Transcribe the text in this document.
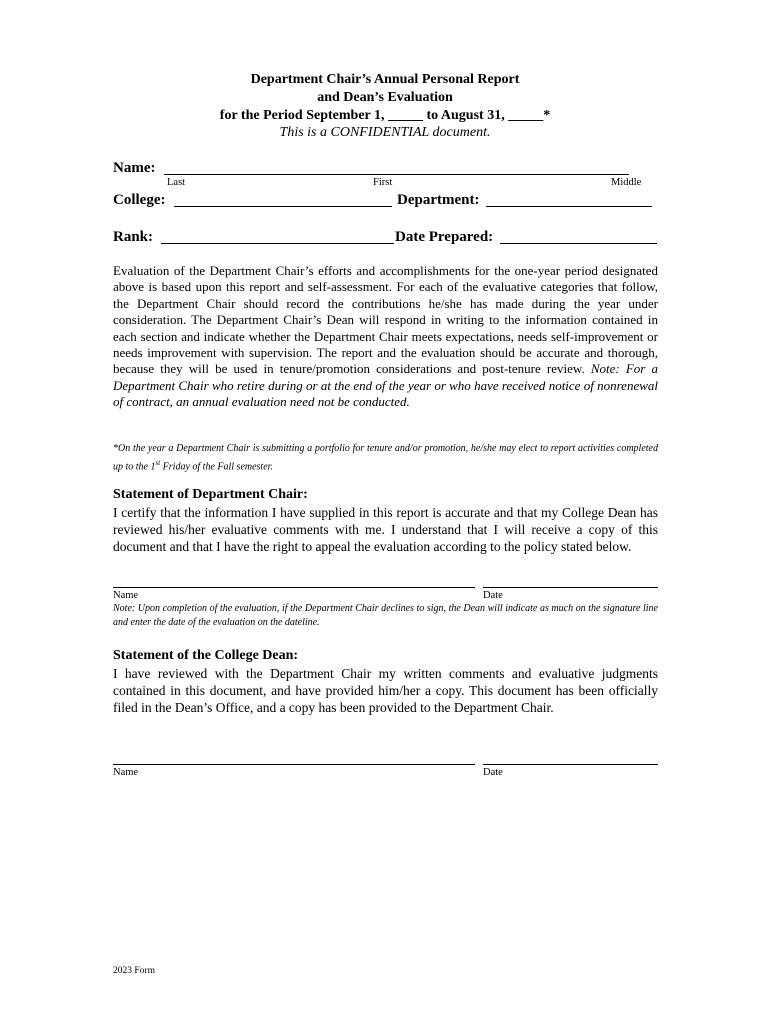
Department Chair’s Annual Personal Report
and Dean’s Evaluation
for the Period September 1, _____ to August 31, _____*
This is a CONFIDENTIAL document.
Name:
Last	First	Middle
College:	Department:
Rank:	Date Prepared:
Evaluation of the Department Chair’s efforts and accomplishments for the one-year period designated above is based upon this report and self-assessment. For each of the evaluative categories that follow, the Department Chair should record the contributions he/she has made during the year under consideration. The Department Chair’s Dean will respond in writing to the information contained in each section and indicate whether the Department Chair meets expectations, needs self-improvement or needs improvement with supervision. The report and the evaluation should be accurate and thorough, because they will be used in tenure/promotion considerations and post-tenure review. Note: For a Department Chair who retire during or at the end of the year or who have received notice of nonrenewal of contract, an annual evaluation need not be conducted.
*On the year a Department Chair is submitting a portfolio for tenure and/or promotion, he/she may elect to report activities completed up to the 1st Friday of the Fall semester.
Statement of Department Chair:
I certify that the information I have supplied in this report is accurate and that my College Dean has reviewed his/her evaluative comments with me. I understand that I will receive a copy of this document and that I have the right to appeal the evaluation according to the policy stated below.
Name	Date
Note: Upon completion of the evaluation, if the Department Chair declines to sign, the Dean will indicate as much on the signature line and enter the date of the evaluation on the dateline.
Statement of the College Dean:
I have reviewed with the Department Chair my written comments and evaluative judgments contained in this document, and have provided him/her a copy. This document has been officially filed in the Dean’s Office, and a copy has been provided to the Department Chair.
Name	Date
2023 Form
